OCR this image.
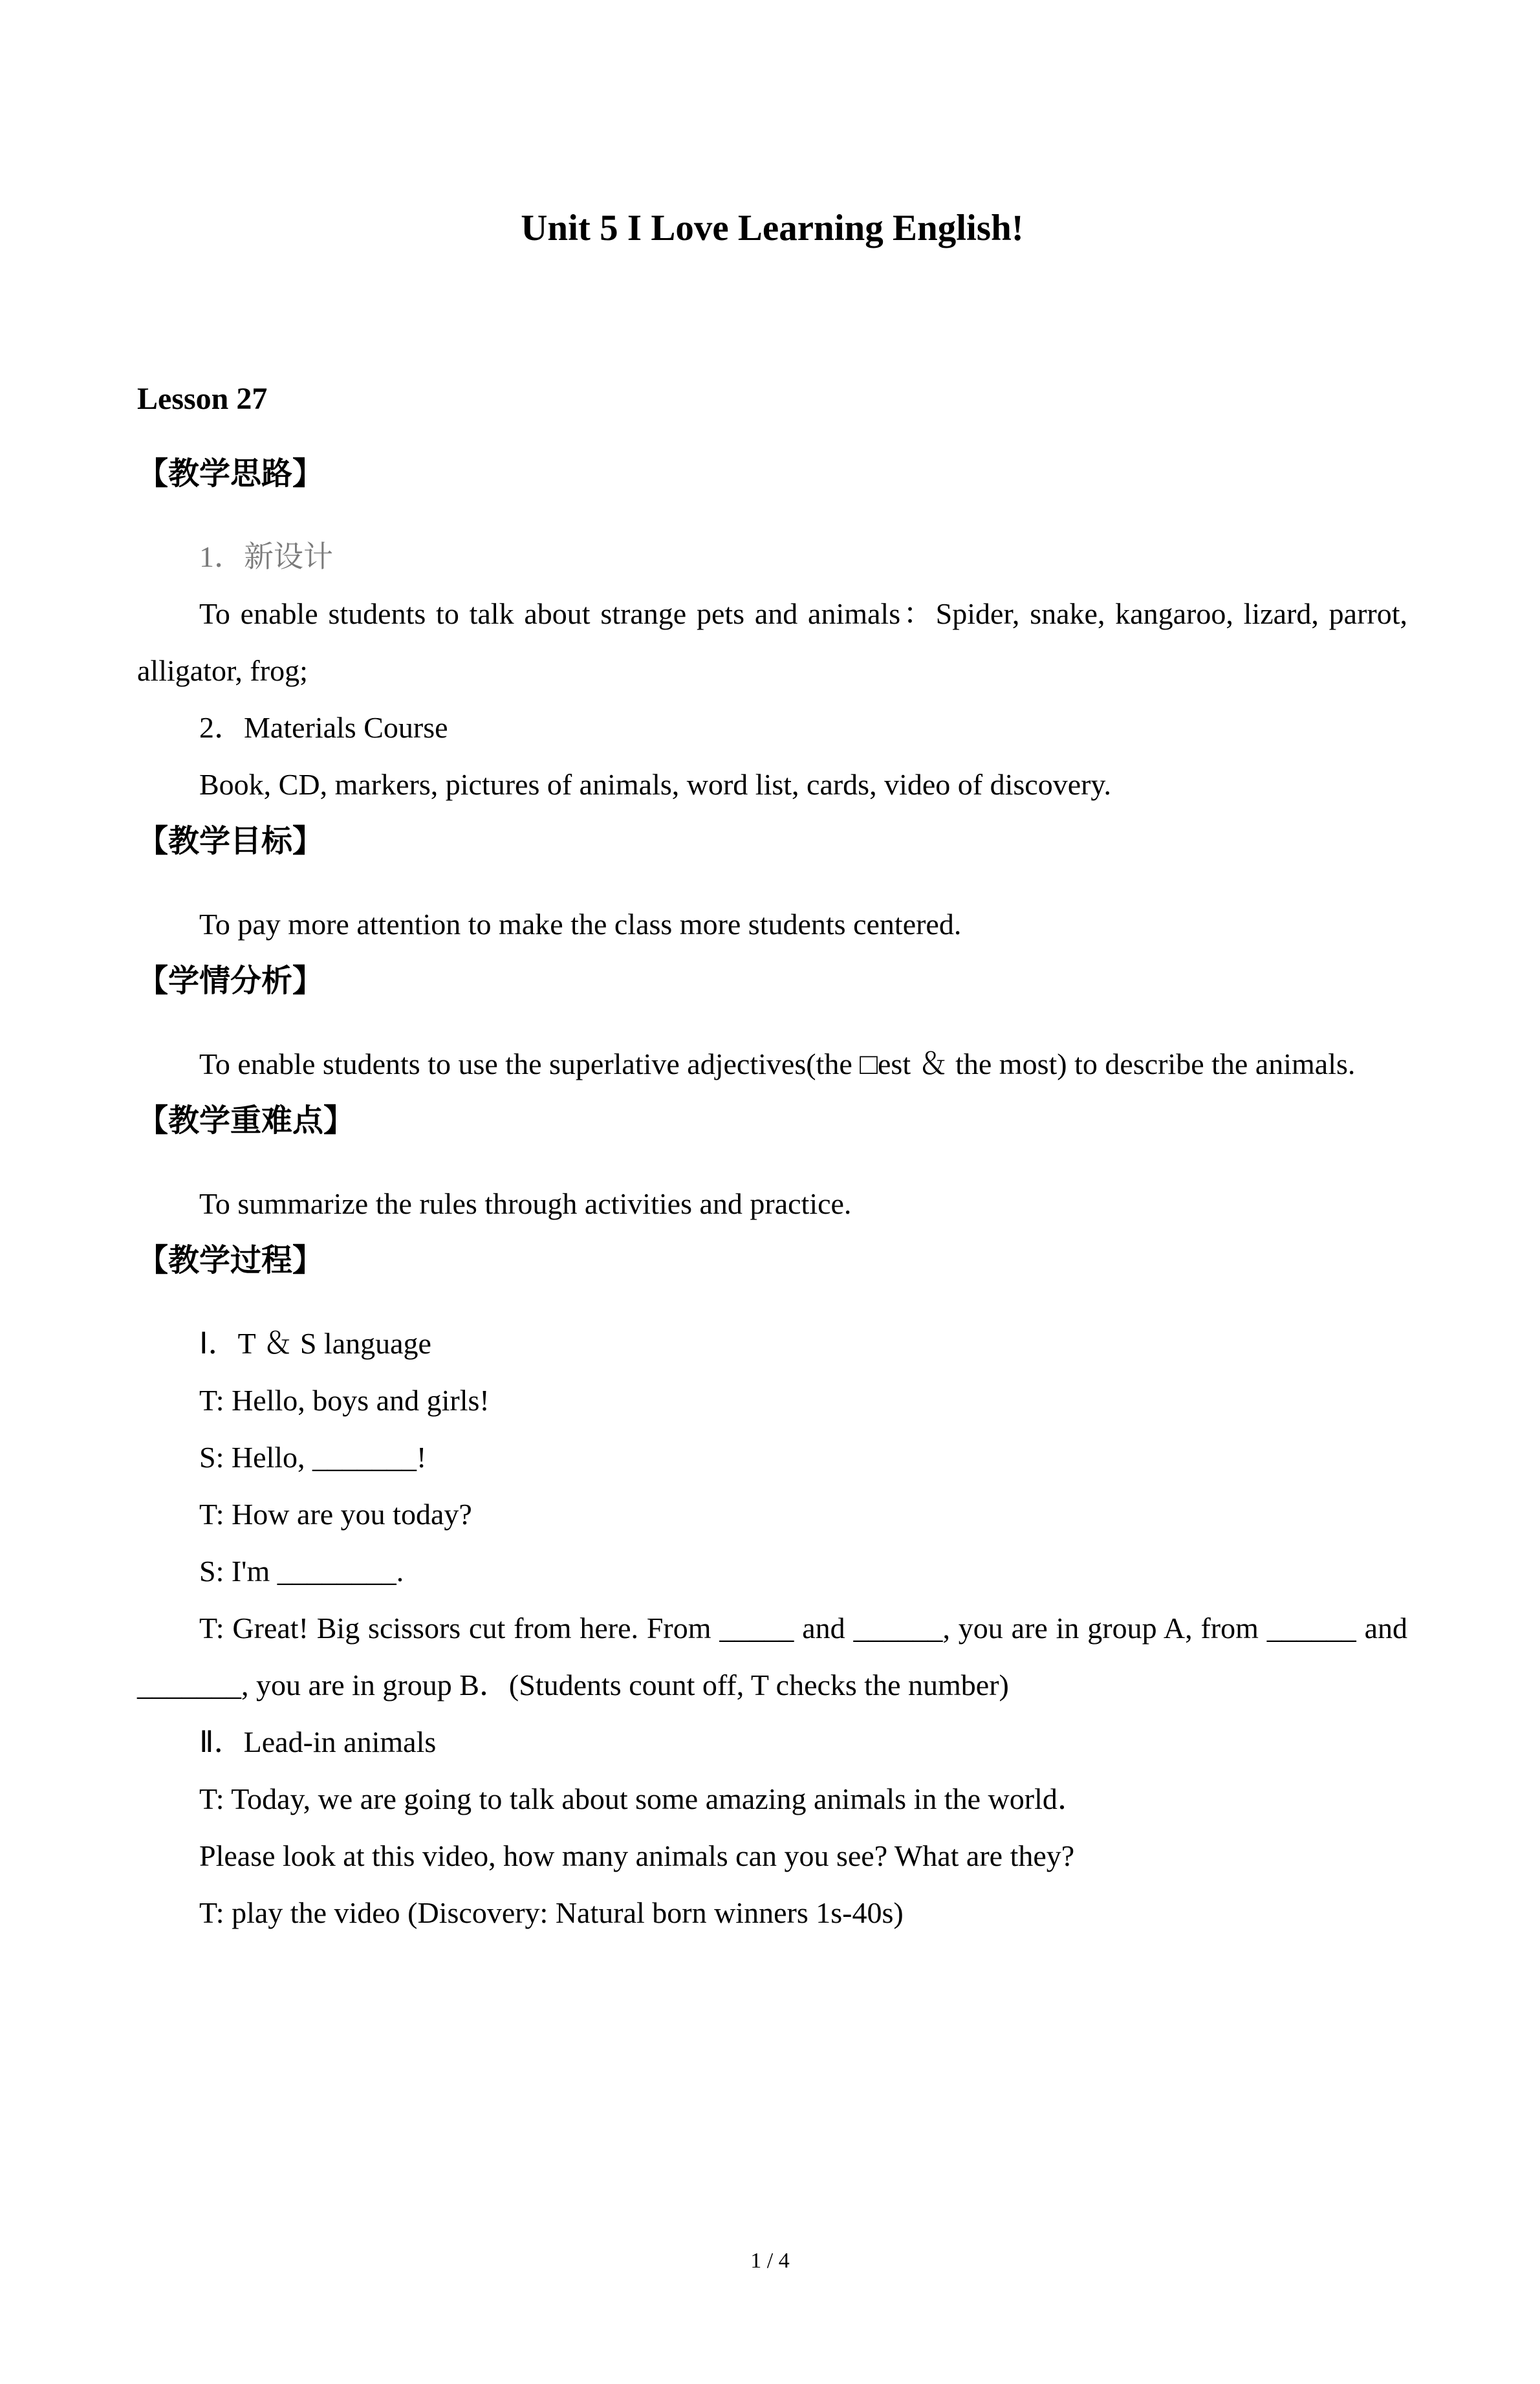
Unit 5 I Love Learning English!

Lesson 27

【教学思路】

1．新设计

To enable students to talk about strange pets and animals：Spider, snake, kangaroo, lizard, parrot, alligator, frog;

2．Materials Course

Book, CD, markers, pictures of animals, word list, cards, video of discovery.

【教学目标】

To pay more attention to make the class more students centered.

【学情分析】

To enable students to use the superlative adjectives(the □est ＆ the most) to describe the animals.

【教学重难点】

To summarize the rules through activities and practice.

【教学过程】

Ⅰ．T ＆ S language

T: Hello, boys and girls!

S: Hello, _______!

T: How are you today?

S: I'm ________.

T: Great! Big scissors cut from here. From _____ and ______, you are in group A, from ______ and _______, you are in group B．(Students count off, T checks the number)

Ⅱ．Lead-in animals

T: Today, we are going to talk about some amazing animals in the world．

Please look at this video, how many animals can you see? What are they?

T: play the video (Discovery: Natural born winners 1s-40s)

1 / 4
